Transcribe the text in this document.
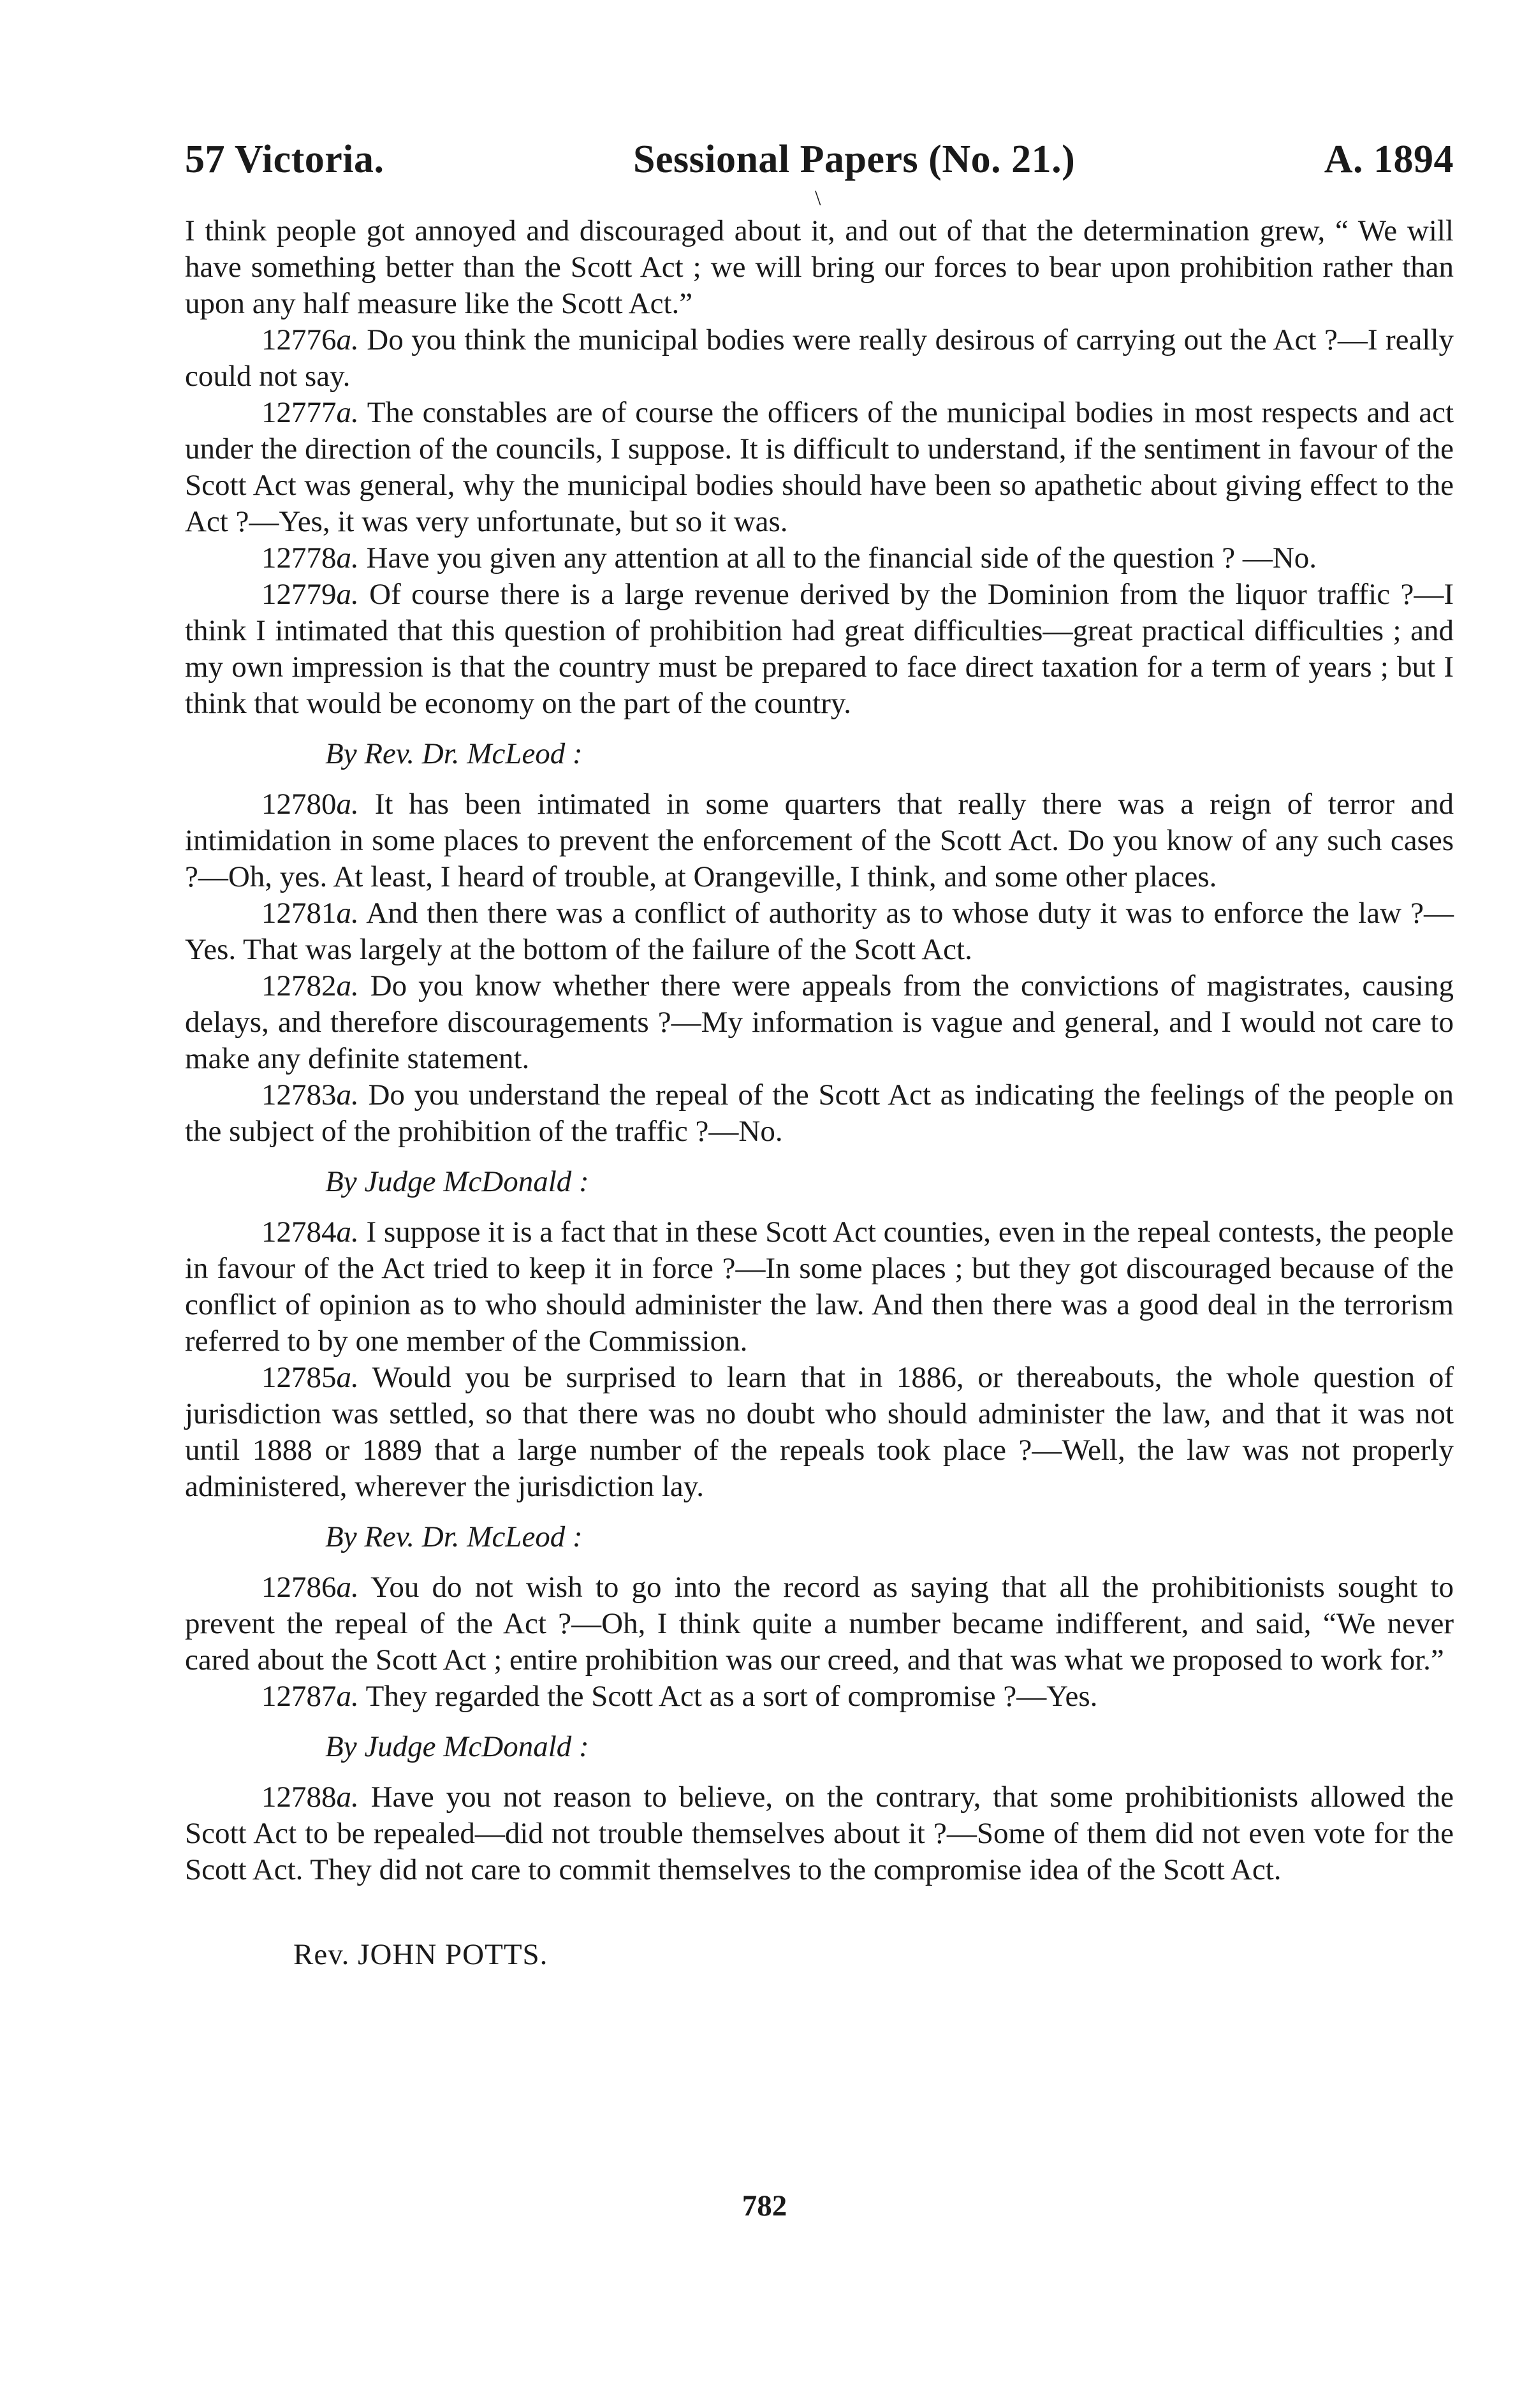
57 Victoria.	Sessional Papers (No. 21.)	A. 1894

I think people got annoyed and discouraged about it, and out of that the determination grew, “ We will have something better than the Scott Act ; we will bring our forces to bear upon prohibition rather than upon any half measure like the Scott Act.”

12776a. Do you think the municipal bodies were really desirous of carrying out the Act ?—I really could not say.

12777a. The constables are of course the officers of the municipal bodies in most respects and act under the direction of the councils, I suppose. It is difficult to understand, if the sentiment in favour of the Scott Act was general, why the municipal bodies should have been so apathetic about giving effect to the Act ?—Yes, it was very unfortunate, but so it was.

12778a. Have you given any attention at all to the financial side of the question ? —No.

12779a. Of course there is a large revenue derived by the Dominion from the liquor traffic ?—I think I intimated that this question of prohibition had great difficulties—great practical difficulties ; and my own impression is that the country must be prepared to face direct taxation for a term of years ; but I think that would be economy on the part of the country.

By Rev. Dr. McLeod :

12780a. It has been intimated in some quarters that really there was a reign of terror and intimidation in some places to prevent the enforcement of the Scott Act. Do you know of any such cases ?—Oh, yes. At least, I heard of trouble, at Orangeville, I think, and some other places.

12781a. And then there was a conflict of authority as to whose duty it was to enforce the law ?—Yes. That was largely at the bottom of the failure of the Scott Act.

12782a. Do you know whether there were appeals from the convictions of magistrates, causing delays, and therefore discouragements ?—My information is vague and general, and I would not care to make any definite statement.

12783a. Do you understand the repeal of the Scott Act as indicating the feelings of the people on the subject of the prohibition of the traffic ?—No.

By Judge McDonald :

12784a. I suppose it is a fact that in these Scott Act counties, even in the repeal contests, the people in favour of the Act tried to keep it in force ?—In some places ; but they got discouraged because of the conflict of opinion as to who should administer the law. And then there was a good deal in the terrorism referred to by one member of the Commission.

12785a. Would you be surprised to learn that in 1886, or thereabouts, the whole question of jurisdiction was settled, so that there was no doubt who should administer the law, and that it was not until 1888 or 1889 that a large number of the repeals took place ?—Well, the law was not properly administered, wherever the jurisdiction lay.

By Rev. Dr. McLeod :

12786a. You do not wish to go into the record as saying that all the prohibitionists sought to prevent the repeal of the Act ?—Oh, I think quite a number became indifferent, and said, “We never cared about the Scott Act ; entire prohibition was our creed, and that was what we proposed to work for.”

12787a. They regarded the Scott Act as a sort of compromise ?—Yes.

By Judge McDonald :

12788a. Have you not reason to believe, on the contrary, that some prohibitionists allowed the Scott Act to be repealed—did not trouble themselves about it ?—Some of them did not even vote for the Scott Act. They did not care to commit themselves to the compromise idea of the Scott Act.

Rev. JOHN POTTS.
\
782
